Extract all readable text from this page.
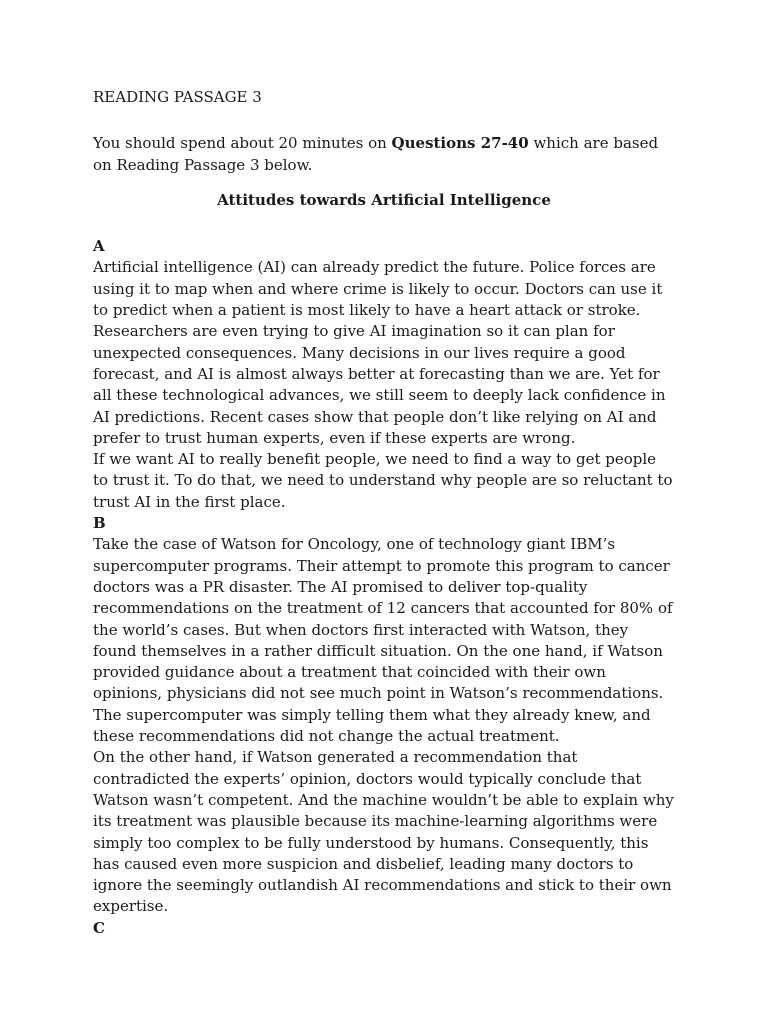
READING PASSAGE 3

You should spend about 20 minutes on Questions 27-40 which are based on Reading Passage 3 below.

Attitudes towards Artificial Intelligence

A

Artificial intelligence (AI) can already predict the future. Police forces are using it to map when and where crime is likely to occur. Doctors can use it to predict when a patient is most likely to have a heart attack or stroke. Researchers are even trying to give AI imagination so it can plan for unexpected consequences. Many decisions in our lives require a good forecast, and AI is almost always better at forecasting than we are. Yet for all these technological advances, we still seem to deeply lack confidence in AI predictions. Recent cases show that people don’t like relying on AI and prefer to trust human experts, even if these experts are wrong.

If we want AI to really benefit people, we need to find a way to get people to trust it. To do that, we need to understand why people are so reluctant to trust AI in the first place.

B

Take the case of Watson for Oncology, one of technology giant IBM’s supercomputer programs. Their attempt to promote this program to cancer doctors was a PR disaster. The AI promised to deliver top-quality recommendations on the treatment of 12 cancers that accounted for 80% of the world’s cases. But when doctors first interacted with Watson, they found themselves in a rather difficult situation. On the one hand, if Watson provided guidance about a treatment that coincided with their own opinions, physicians did not see much point in Watson’s recommendations. The supercomputer was simply telling them what they already knew, and these recommendations did not change the actual treatment.

On the other hand, if Watson generated a recommendation that contradicted the experts’ opinion, doctors would typically conclude that Watson wasn’t competent. And the machine wouldn’t be able to explain why its treatment was plausible because its machine-learning algorithms were simply too complex to be fully understood by humans. Consequently, this has caused even more suspicion and disbelief, leading many doctors to ignore the seemingly outlandish AI recommendations and stick to their own expertise.

C
